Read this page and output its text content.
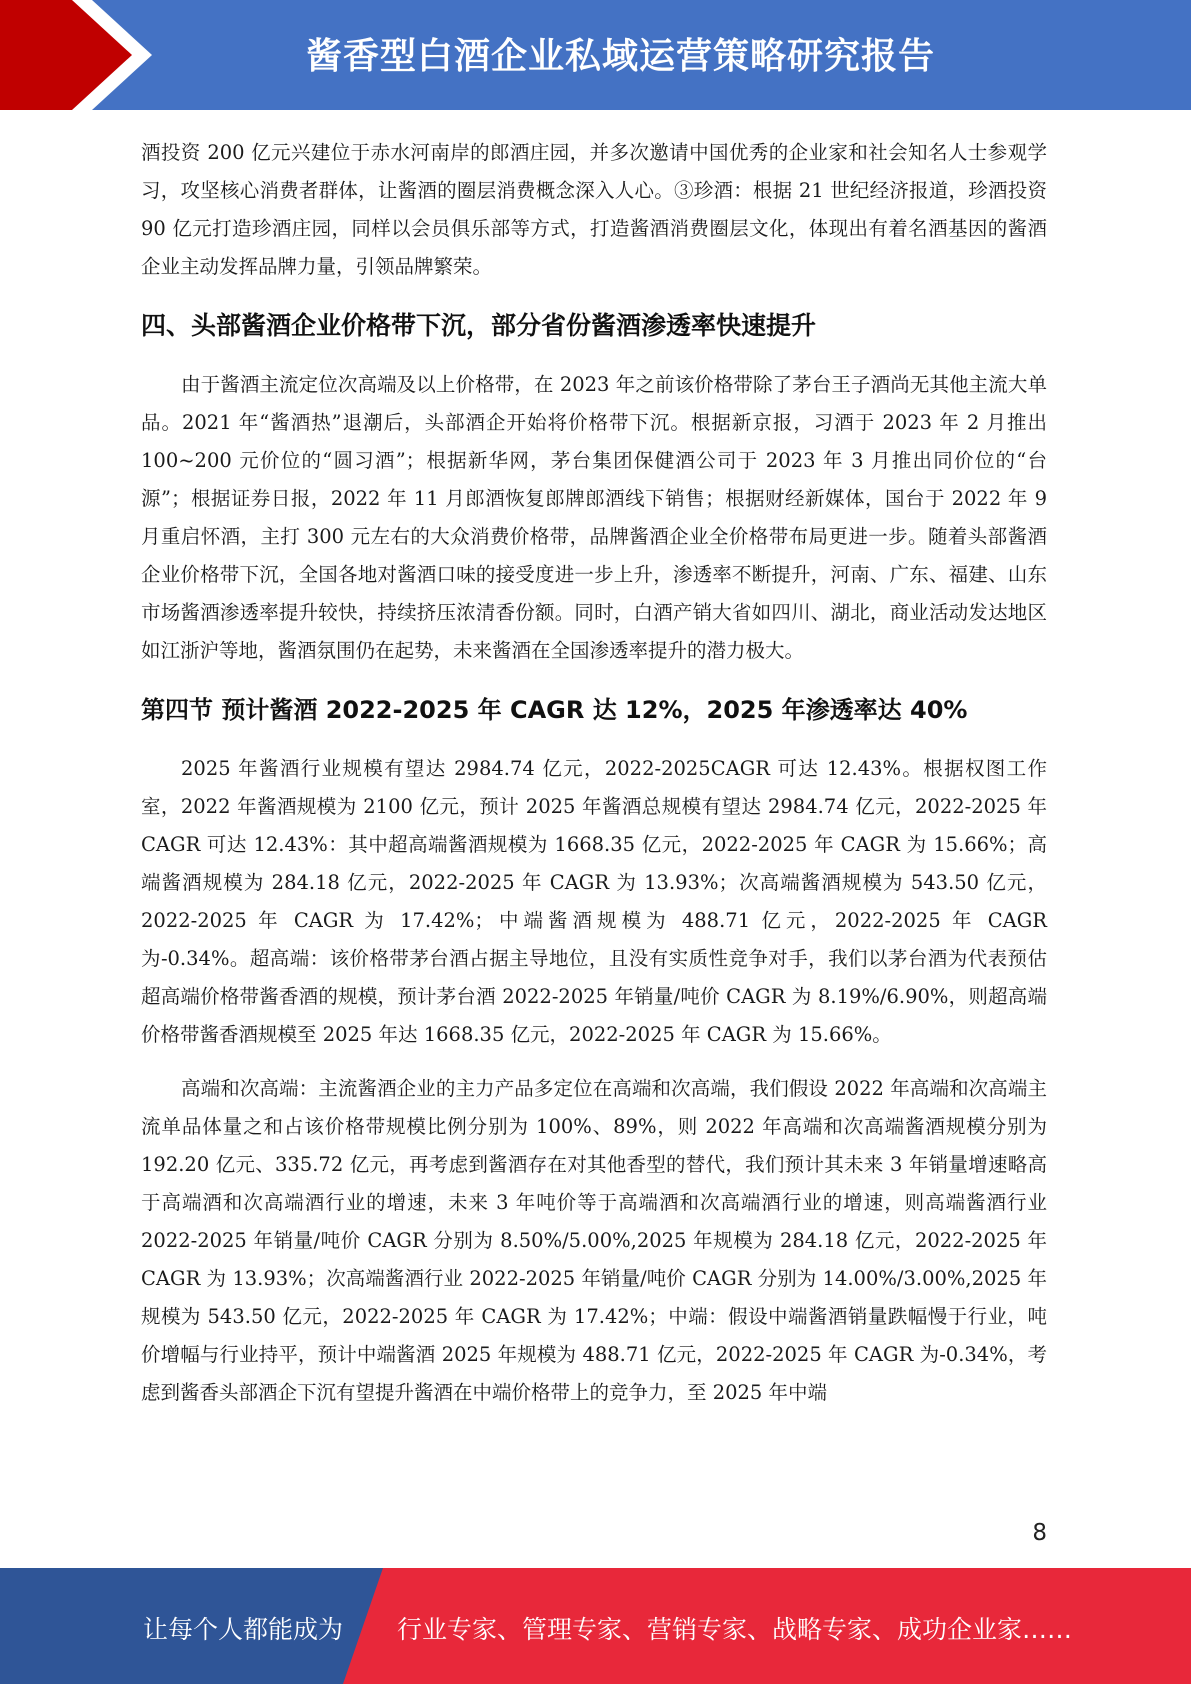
酱香型白酒企业私域运营策略研究报告

酒投资 200 亿元兴建位于赤水河南岸的郎酒庄园，并多次邀请中国优秀的企业家和社会知名人士参观学习，攻坚核心消费者群体，让酱酒的圈层消费概念深入人心。③珍酒：根据 21 世纪经济报道，珍酒投资 90 亿元打造珍酒庄园，同样以会员俱乐部等方式，打造酱酒消费圈层文化，体现出有着名酒基因的酱酒企业主动发挥品牌力量，引领品牌繁荣。

四、头部酱酒企业价格带下沉，部分省份酱酒渗透率快速提升

由于酱酒主流定位次高端及以上价格带，在 2023 年之前该价格带除了茅台王子酒尚无其他主流大单品。2021 年“酱酒热”退潮后，头部酒企开始将价格带下沉。根据新京报，习酒于 2023 年 2 月推出 100~200 元价位的“圆习酒”；根据新华网，茅台集团保健酒公司于 2023 年 3 月推出同价位的“台源”；根据证券日报，2022 年 11 月郎酒恢复郎牌郎酒线下销售；根据财经新媒体，国台于 2022 年 9 月重启怀酒，主打 300 元左右的大众消费价格带，品牌酱酒企业全价格带布局更进一步。随着头部酱酒企业价格带下沉，全国各地对酱酒口味的接受度进一步上升，渗透率不断提升，河南、广东、福建、山东市场酱酒渗透率提升较快，持续挤压浓清香份额。同时，白酒产销大省如四川、湖北，商业活动发达地区如江浙沪等地，酱酒氛围仍在起势，未来酱酒在全国渗透率提升的潜力极大。

第四节 预计酱酒 2022-2025 年 CAGR 达 12%，2025 年渗透率达 40%

2025 年酱酒行业规模有望达 2984.74 亿元，2022-2025CAGR 可达 12.43%。根据权图工作室，2022 年酱酒规模为 2100 亿元，预计 2025 年酱酒总规模有望达 2984.74 亿元，2022-2025 年 CAGR 可达 12.43%：其中超高端酱酒规模为 1668.35 亿元，2022-2025 年 CAGR 为 15.66%；高端酱酒规模为 284.18 亿元，2022-2025 年 CAGR 为 13.93%；次高端酱酒规模为 543.50 亿元，2022-2025 年 CAGR 为 17.42%；中端酱酒规模为 488.71 亿元，2022-2025 年 CAGR 为-0.34%。超高端：该价格带茅台酒占据主导地位，且没有实质性竞争对手，我们以茅台酒为代表预估超高端价格带酱香酒的规模，预计茅台酒 2022-2025 年销量/吨价 CAGR 为 8.19%/6.90%，则超高端价格带酱香酒规模至 2025 年达 1668.35 亿元，2022-2025 年 CAGR 为 15.66%。

高端和次高端：主流酱酒企业的主力产品多定位在高端和次高端，我们假设 2022 年高端和次高端主流单品体量之和占该价格带规模比例分别为 100%、89%，则 2022 年高端和次高端酱酒规模分别为 192.20 亿元、335.72 亿元，再考虑到酱酒存在对其他香型的替代，我们预计其未来 3 年销量增速略高于高端酒和次高端酒行业的增速，未来 3 年吨价等于高端酒和次高端酒行业的增速，则高端酱酒行业 2022-2025 年销量/吨价 CAGR 分别为 8.50%/5.00%,2025 年规模为 284.18 亿元，2022-2025 年 CAGR 为 13.93%；次高端酱酒行业 2022-2025 年销量/吨价 CAGR 分别为 14.00%/3.00%,2025 年规模为 543.50 亿元，2022-2025 年 CAGR 为 17.42%；中端：假设中端酱酒销量跌幅慢于行业，吨价增幅与行业持平，预计中端酱酒 2025 年规模为 488.71 亿元，2022-2025 年 CAGR 为-0.34%，考虑到酱香头部酒企下沉有望提升酱酒在中端价格带上的竞争力，至 2025 年中端

8
让每个人都能成为 行业专家、管理专家、营销专家、战略专家、成功企业家……
